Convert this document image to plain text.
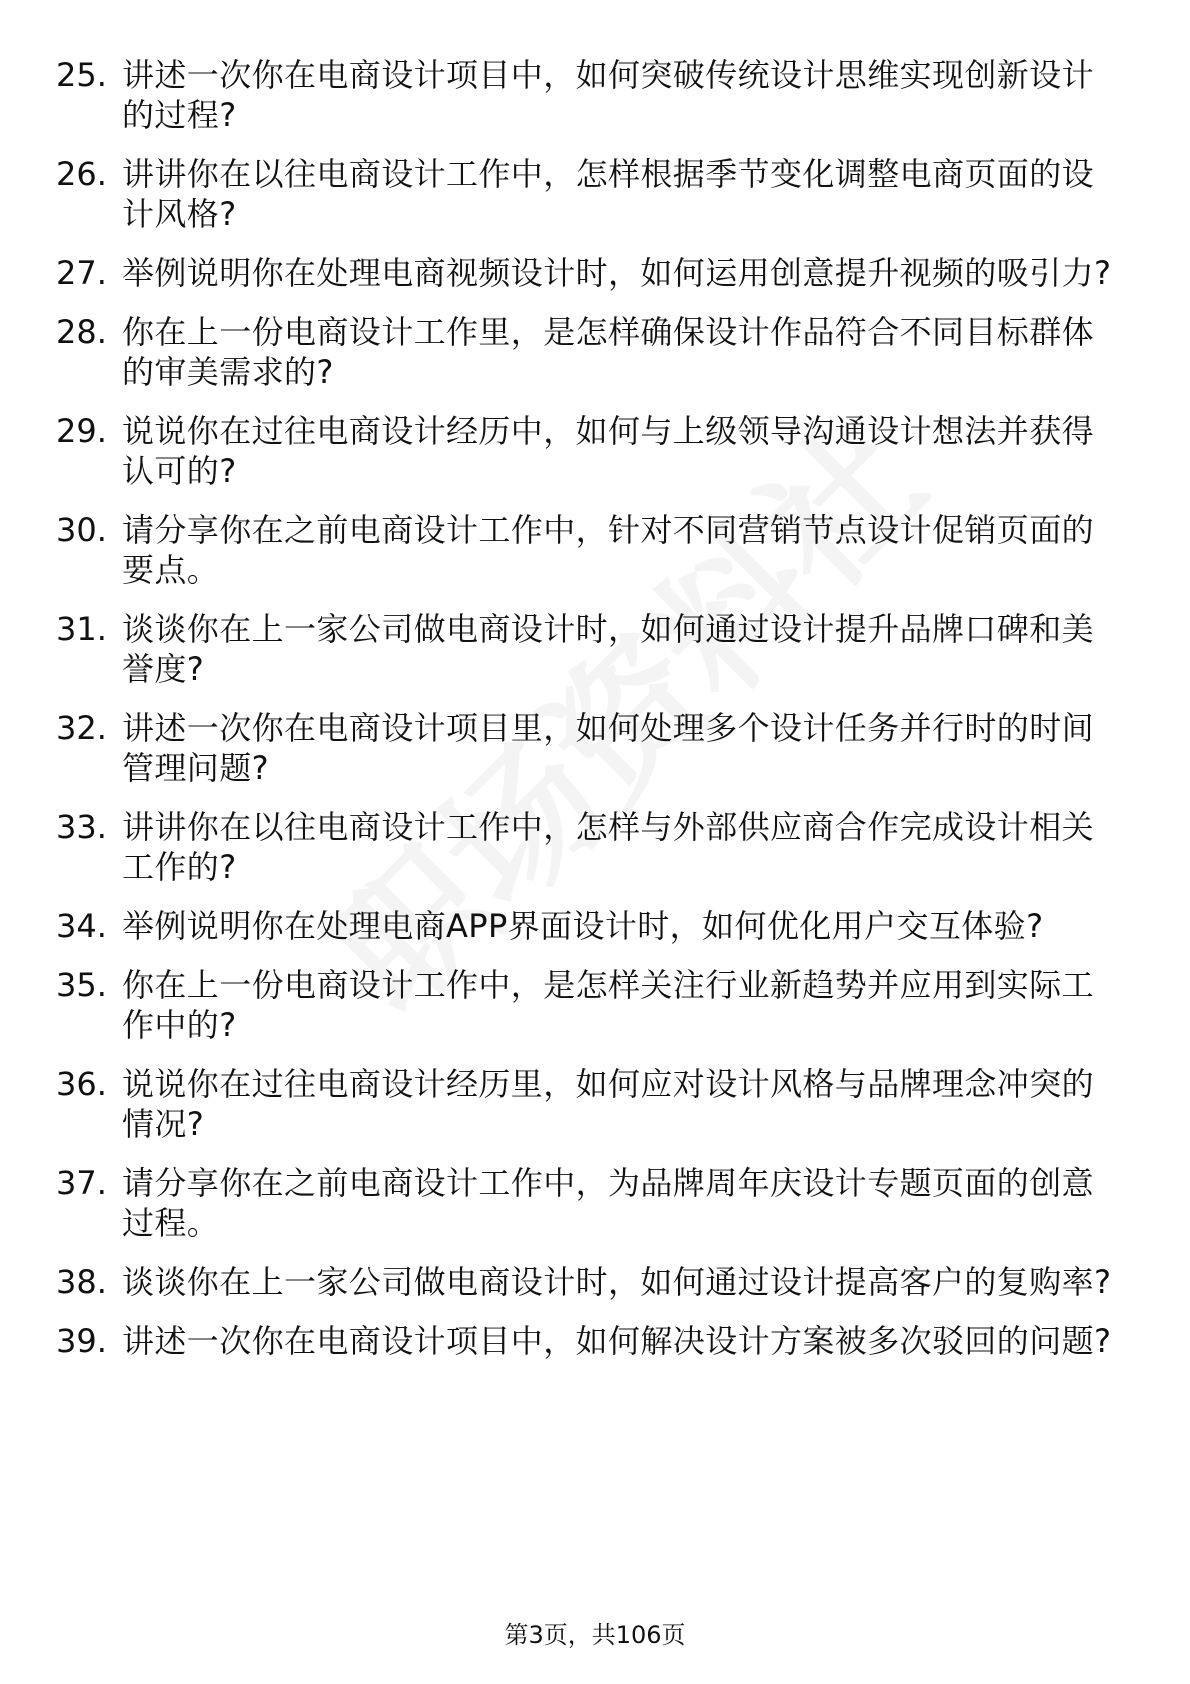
25. 讲述一次你在电商设计项目中，如何突破传统设计思维实现创新设计的过程?
26. 讲讲你在以往电商设计工作中，怎样根据季节变化调整电商页面的设计风格?
27. 举例说明你在处理电商视频设计时，如何运用创意提升视频的吸引力?
28. 你在上一份电商设计工作里，是怎样确保设计作品符合不同目标群体的审美需求的?
29. 说说你在过往电商设计经历中，如何与上级领导沟通设计想法并获得认可的?
30. 请分享你在之前电商设计工作中，针对不同营销节点设计促销页面的要点。
31. 谈谈你在上一家公司做电商设计时，如何通过设计提升品牌口碑和美誉度?
32. 讲述一次你在电商设计项目里，如何处理多个设计任务并行时的时间管理问题?
33. 讲讲你在以往电商设计工作中，怎样与外部供应商合作完成设计相关工作的?
34. 举例说明你在处理电商APP界面设计时，如何优化用户交互体验?
35. 你在上一份电商设计工作中，是怎样关注行业新趋势并应用到实际工作中的?
36. 说说你在过往电商设计经历里，如何应对设计风格与品牌理念冲突的情况?
37. 请分享你在之前电商设计工作中，为品牌周年庆设计专题页面的创意过程。
38. 谈谈你在上一家公司做电商设计时，如何通过设计提高客户的复购率?
39. 讲述一次你在电商设计项目中，如何解决设计方案被多次驳回的问题?
第3页，共106页
